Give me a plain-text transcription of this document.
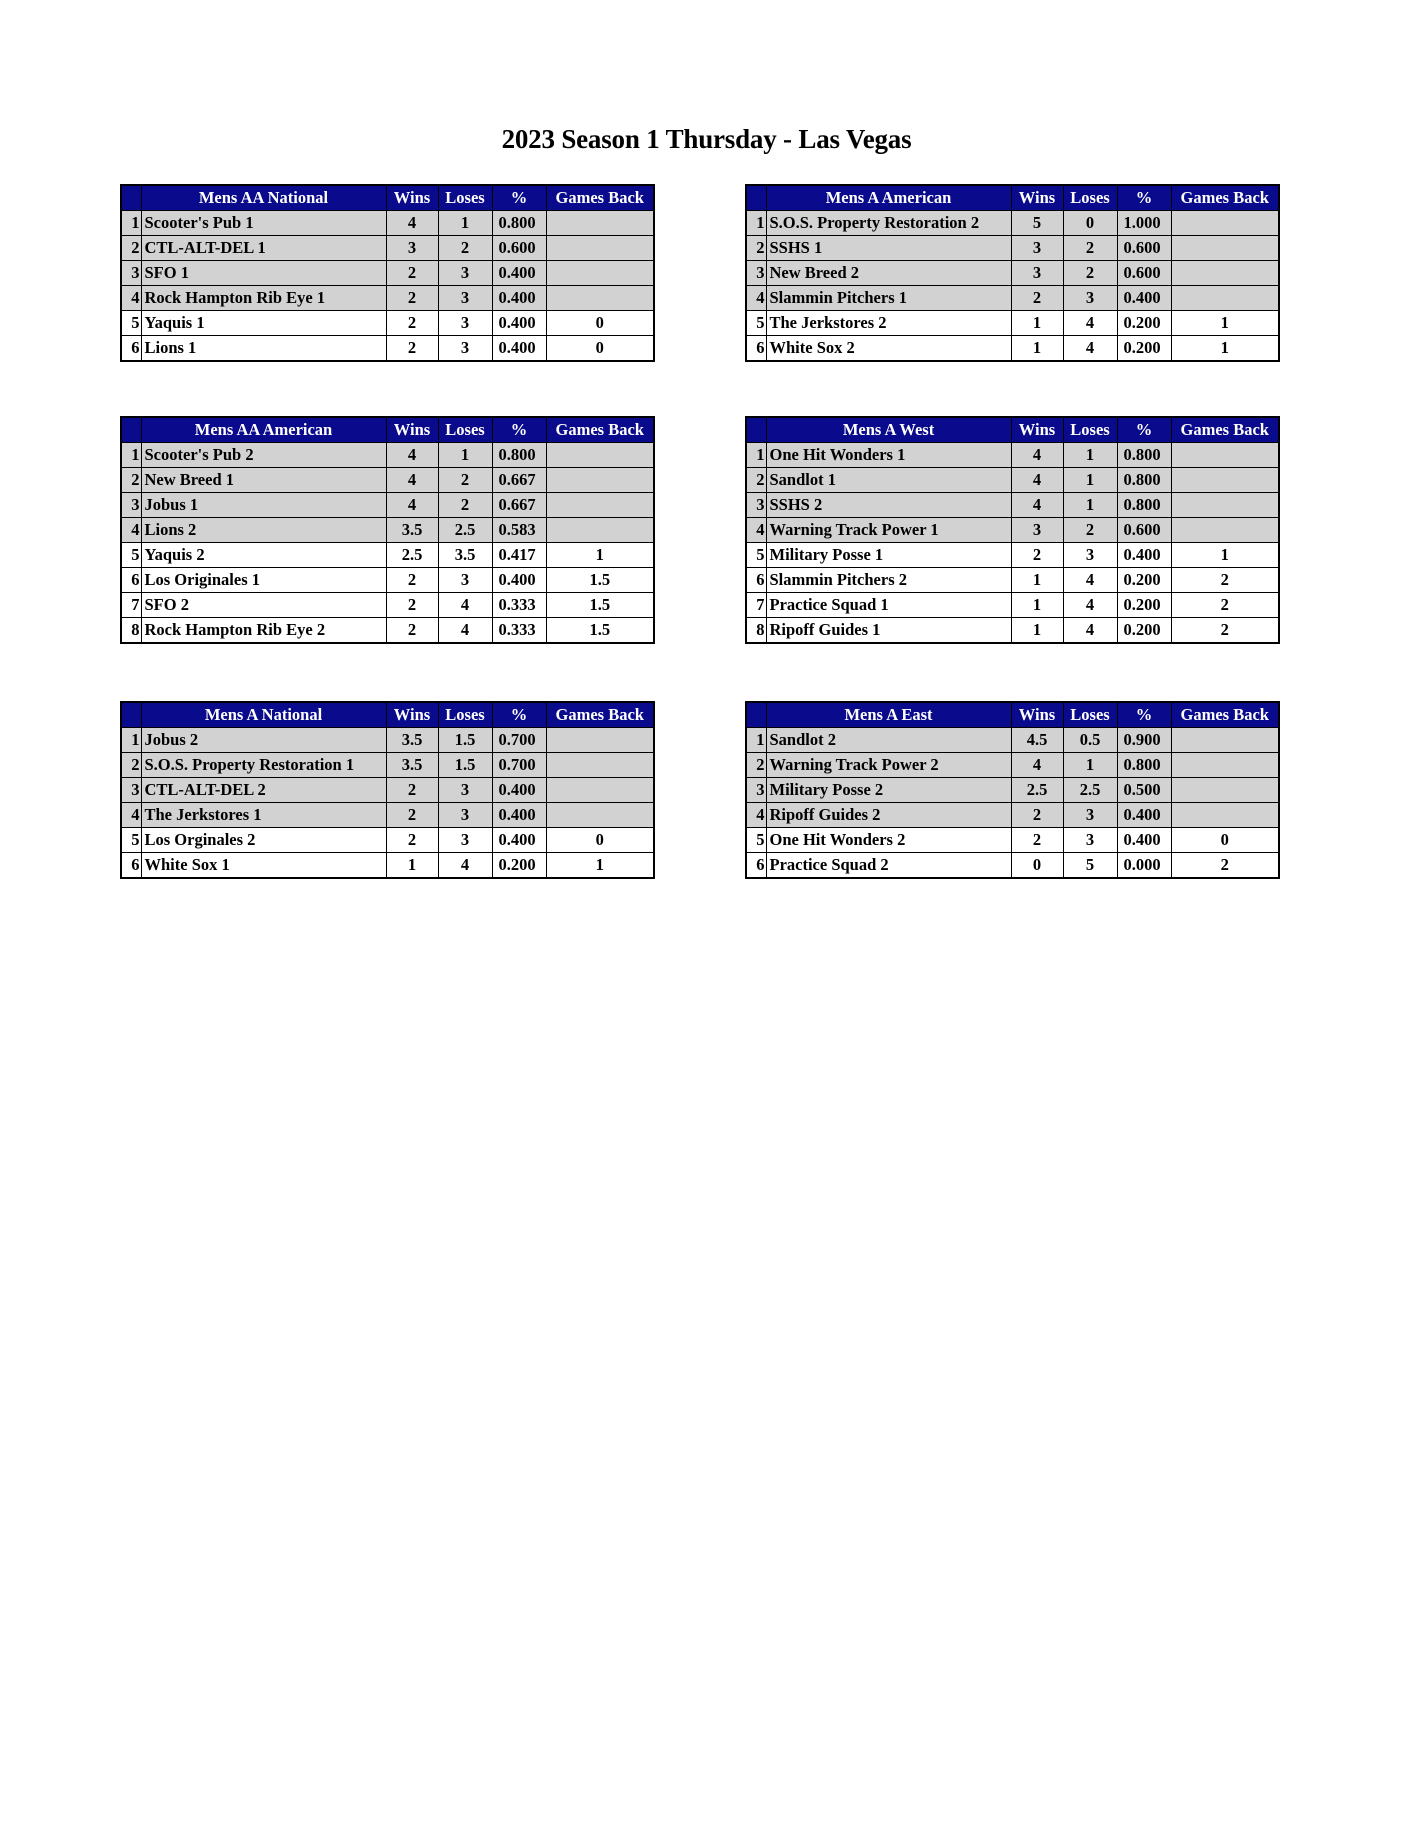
2023 Season 1 Thursday - Las Vegas
	Mens AA National	Wins	Loses	%	Games Back
1	Scooter's Pub 1	4	1	0.800	
2	CTL-ALT-DEL 1	3	2	0.600	
3	SFO 1	2	3	0.400	
4	Rock Hampton Rib Eye 1	2	3	0.400	
5	Yaquis 1	2	3	0.400	0
6	Lions 1	2	3	0.400	0
	Mens A American	Wins	Loses	%	Games Back
1	S.O.S. Property Restoration 2	5	0	1.000	
2	SSHS 1	3	2	0.600	
3	New Breed 2	3	2	0.600	
4	Slammin Pitchers 1	2	3	0.400	
5	The Jerkstores 2	1	4	0.200	1
6	White Sox 2	1	4	0.200	1
	Mens AA American	Wins	Loses	%	Games Back
1	Scooter's Pub 2	4	1	0.800	
2	New Breed 1	4	2	0.667	
3	Jobus 1	4	2	0.667	
4	Lions 2	3.5	2.5	0.583	
5	Yaquis 2	2.5	3.5	0.417	1
6	Los Originales 1	2	3	0.400	1.5
7	SFO 2	2	4	0.333	1.5
8	Rock Hampton Rib Eye 2	2	4	0.333	1.5
	Mens A West	Wins	Loses	%	Games Back
1	One Hit Wonders 1	4	1	0.800	
2	Sandlot 1	4	1	0.800	
3	SSHS 2	4	1	0.800	
4	Warning Track Power 1	3	2	0.600	
5	Military Posse 1	2	3	0.400	1
6	Slammin Pitchers 2	1	4	0.200	2
7	Practice Squad 1	1	4	0.200	2
8	Ripoff Guides 1	1	4	0.200	2
	Mens A National	Wins	Loses	%	Games Back
1	Jobus 2	3.5	1.5	0.700	
2	S.O.S. Property Restoration 1	3.5	1.5	0.700	
3	CTL-ALT-DEL 2	2	3	0.400	
4	The Jerkstores 1	2	3	0.400	
5	Los Orginales 2	2	3	0.400	0
6	White Sox 1	1	4	0.200	1
	Mens A East	Wins	Loses	%	Games Back
1	Sandlot 2	4.5	0.5	0.900	
2	Warning Track Power 2	4	1	0.800	
3	Military Posse 2	2.5	2.5	0.500	
4	Ripoff Guides 2	2	3	0.400	
5	One Hit Wonders 2	2	3	0.400	0
6	Practice Squad 2	0	5	0.000	2
